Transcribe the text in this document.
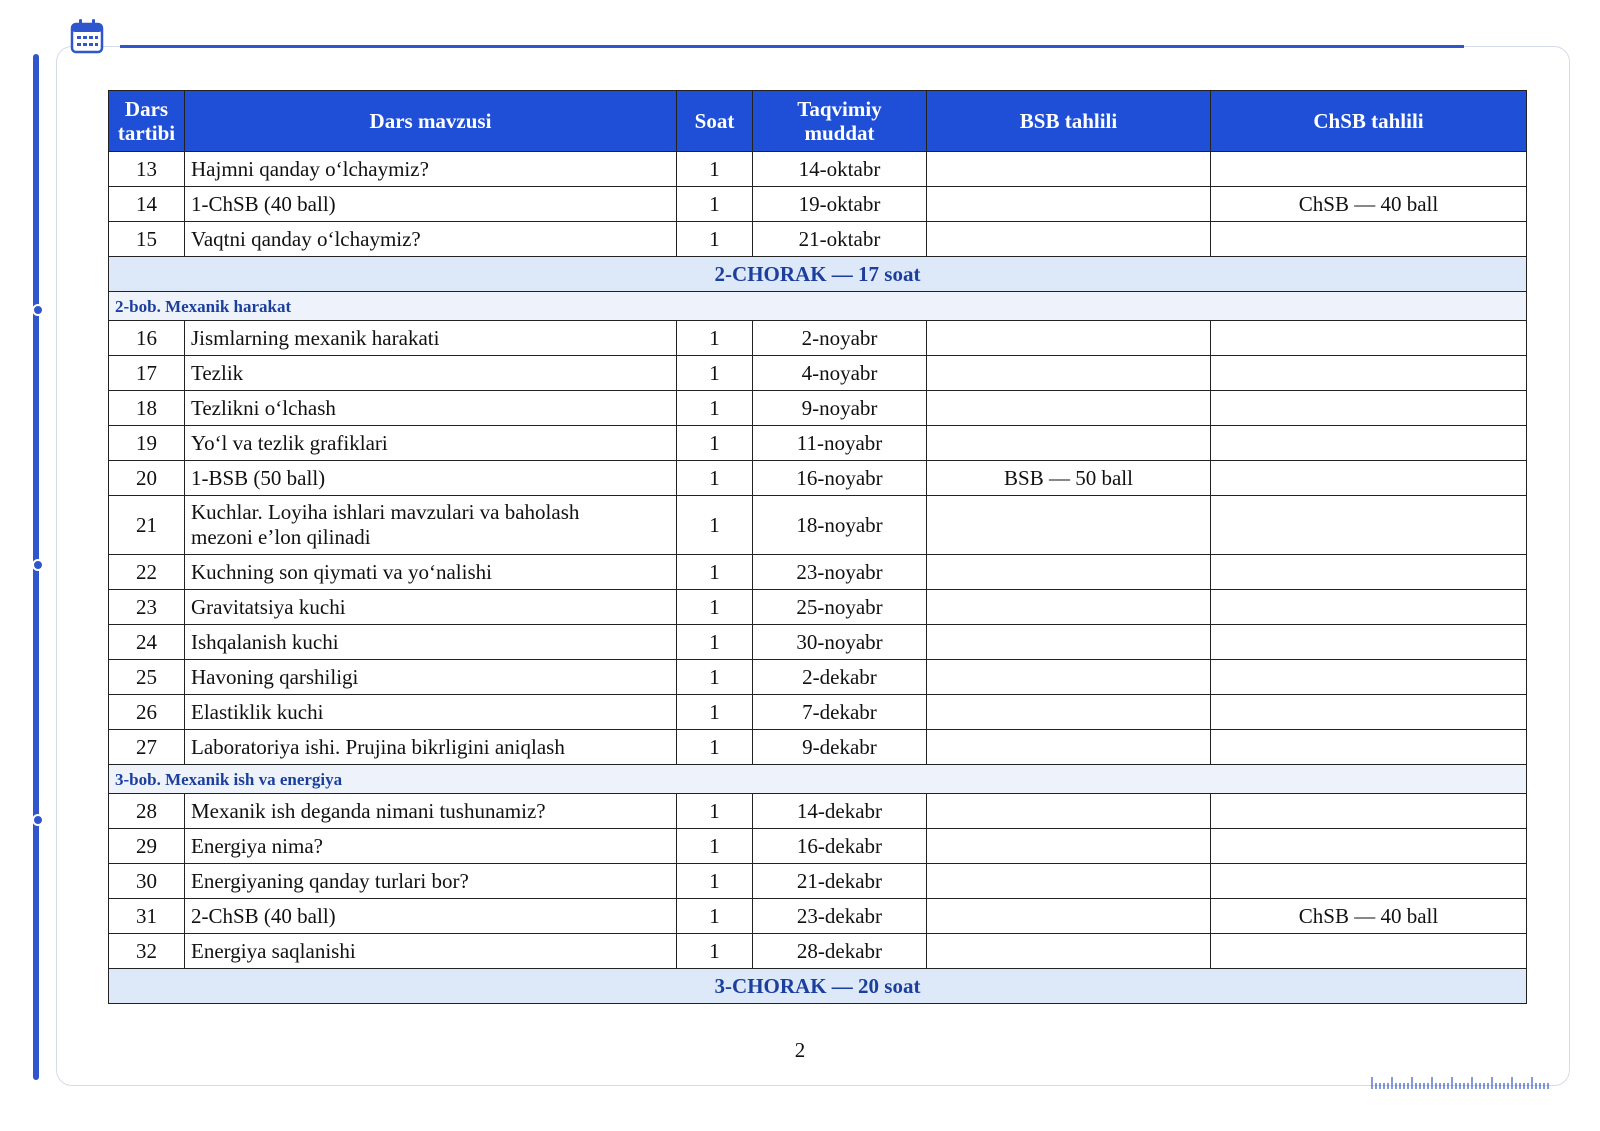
Dars
tartibi	Dars mavzusi	Soat	Taqvimiy
muddat	BSB tahlili	ChSB tahlili
13	Hajmni qanday o‘lchaymiz?	1	14-oktabr		
14	1-ChSB (40 ball)	1	19-oktabr		ChSB — 40 ball
15	Vaqtni qanday o‘lchaymiz?	1	21-oktabr		
2-CHORAK — 17 soat					
2-bob. Mexanik harakat					
16	Jismlarning mexanik harakati	1	2-noyabr		
17	Tezlik	1	4-noyabr		
18	Tezlikni o‘lchash	1	9-noyabr		
19	Yo‘l va tezlik grafiklari	1	11-noyabr		
20	1-BSB (50 ball)	1	16-noyabr	BSB — 50 ball	
21	Kuchlar. Loyiha ishlari mavzulari va baholash
mezoni e’lon qilinadi	1	18-noyabr		
22	Kuchning son qiymati va yo‘nalishi	1	23-noyabr		
23	Gravitatsiya kuchi	1	25-noyabr		
24	Ishqalanish kuchi	1	30-noyabr		
25	Havoning qarshiligi	1	2-dekabr		
26	Elastiklik kuchi	1	7-dekabr		
27	Laboratoriya ishi. Prujina bikrligini aniqlash	1	9-dekabr		
3-bob. Mexanik ish va energiya					
28	Mexanik ish deganda nimani tushunamiz?	1	14-dekabr		
29	Energiya nima?	1	16-dekabr		
30	Energiyaning qanday turlari bor?	1	21-dekabr		
31	2-ChSB (40 ball)	1	23-dekabr		ChSB — 40 ball
32	Energiya saqlanishi	1	28-dekabr		
3-CHORAK — 20 soat					
2
